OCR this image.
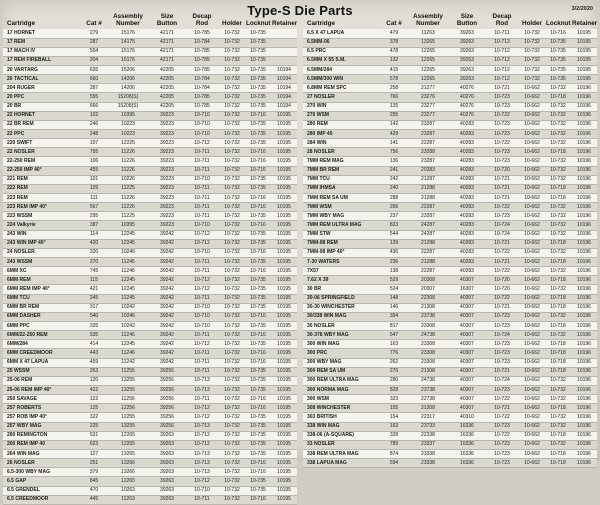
Type-S Die Parts	3/2/2020
Cartridge	Cat #	Assembly Number	Size Button	Decap Rod	Holder	Locknut	Retainer
17 HORNET	279	15176	42171	10-785	10-732	10-735	
17 REM	287	14175	42171	10-784	10-732	10-735	
17 MACH IV	504	15176	42171	10-785	10-732	10-735	
17 REM FIREBALL	204	15176	42171	10-785	10-732	10-735	
20 VARTARG	635	15206	42205	10-785	10-732	10-735	10194
20 TACTICAL	660	14206	42205	10-784	10-732	10-735	10194
204 RUGER	287	14206	42205	10-784	10-732	10-735	10194
20 PPC	555	15208(S)	42205	10-785	10-732	10-735	10194
20 BR	666	15208(S)	42205	10-785	10-732	10-735	10194
22 HORNET	102	10395	39223	10-710	10-732	10-716	10195
22 BR REM	246	10223	39223	10-710	10-732	10-735	10195
22 PPC	248	10223	39223	10-710	10-732	10-735	10195
220 SWIFT	107	12225	39223	10-712	10-732	10-735	10195
22 NOSLER	755	11226	39223	10-711	10-732	10-716	10195
22-250 REM	106	11226	39223	10-711	10-732	10-716	10195
22-250 IMP 40°	455	11226	39223	10-711	10-732	10-716	10195
221 REM	101	10226	39223	10-710	10-732	10-735	10195
222 REM	109	11225	39223	10-711	10-732	10-735	10195
223 REM	111	11226	39223	10-711	10-732	10-716	10195
223 REM IMP 40°	567	11226	39223	10-711	10-732	10-716	10195
223 WSSM	295	11225	39223	10-711	10-732	10-735	10195
224 Valkyrie	387	10395	39223	10-710	10-732	10-716	10195
243 WIN	114	12245	39242	10-712	10-732	10-735	10195
243 WIN IMP 40°	420	12245	39242	10-712	10-732	10-735	10195
24 NOSLER	320	10246	39242	10-710	10-732	10-716	10195
243 WSSM	270	11245	39242	10-711	10-732	10-735	10195
6MM XC	745	11246	39242	10-711	10-732	10-716	10195
6MM REM	115	12245	39242	10-712	10-732	10-735	10195
6MM REM IMP 40°	421	12245	39242	10-712	10-732	10-735	10195
6MM TCU	245	11245	39242	10-711	10-732	10-735	10195
6MM BR REM	317	10242	39242	10-710	10-732	10-735	10195
6MM DASHER	540	10246	39242	10-710	10-732	10-716	10195
6MM PPC	335	10242	39242	10-710	10-732	10-735	10195
6MM/22-250 REM	535	11246	39242	10-711	10-732	10-716	10195
6MM/284	414	12245	39242	10-712	10-732	10-735	10195
6MM CREEDMOOR	443	11246	39242	10-711	10-732	10-716	10195
6MM X 47 LAPUA	459	11242	39242	10-711	10-732	10-716	10195
25 WSSM	263	11255	39256	10-711	10-732	10-735	10195
25-06 REM	120	13255	39256	10-713	10-732	10-735	10195
25-06 REM IMP 40°	422	13255	39256	10-713	10-732	10-735	10195
250 SAVAGE	122	11256	39256	10-711	10-732	10-716	10195
257 ROBERTS	125	12256	39256	10-712	10-732	10-716	10195
257 ROB IMP 40°	322	12255	39256	10-712	10-732	10-735	10195
257 WBY MAG	225	13255	39256	10-713	10-732	10-735	10195
260 REMINGTON	531	12265	39263	10-712	10-732	10-735	10195
260 REM IMP 40	623	12265	39263	10-712	10-732	10-735	10195
264 WIN MAG	127	13265	39263	10-713	10-732	10-735	10195
26 NOSLER	251	13266	39263	10-713	10-732	10-716	10195
6.5-300 WBY MAG	379	13266	39263	10-713	10-732	10-716	10195
6.5 GAP	845	12265	39263	10-712	10-732	10-735	10195
6.5 GRENDEL	470	10263	39263	10-710	10-732	10-735	10195
6.5 CREEDMOOR	445	11263	39263	10-711	10-732	10-716	10195
Cartridge	Cat #	Assembly Number	Size Button	Decap Rod	Holder	Locknut	Retainer
6.5 X 47 LAPUA	479	11263	39263	10-711	10-732	10-716	10195
6.5MM-06	378	13265	39263	10-713	10-732	10-735	10195
6.5 PRC	478	12265	39263	10-712	10-732	10-735	10195
6.5MM X 55 S.M.	132	12265	39263	10-712	10-732	10-735	10195
6.5MM/284	415	12265	39263	10-712	10-732	10-735	10195
6.5MM/300 WIN	578	12265	39263	10-712	10-732	10-735	10195
6.8MM REM SPC	258	21277	40276	10-721	10-662	10-732	10196
27 NOSLER	766	23276	40276	10-723	10-662	10-718	10196
270 WIN	135	23277	40276	10-723	10-662	10-732	10196
270 WSM	255	23277	40276	10-722	10-662	10-732	10196
280 REM	142	23287	40283	10-723	10-662	10-732	10196
280 IMP 40	428	23287	40283	10-723	10-662	10-732	10196
284 WIN	141	22287	40283	10-722	10-662	10-732	10196
28 NOSLER	756	23288	40283	10-723	10-662	10-718	10196
7MM REM MAG	136	23287	40283	10-723	10-662	10-732	10196
7MM BR REM	241	20283	40283	10-720	10-662	10-732	10196
7MM TCU	242	21287	40283	10-721	10-662	10-732	10196
7MM IHMSA	240	21288	40283	10-721	10-662	10-718	10196
7MM REM SA UM	288	21288	40283	10-721	10-662	10-718	10196
7MM WSM	266	22287	40283	10-722	10-662	10-732	10196
7MM WBY MAG	237	23287	40283	10-723	10-662	10-732	10196
7MM REM ULTRA MAG	823	24287	40283	10-724	10-662	10-732	10196
7MM STW	544	24287	40283	10-724	10-662	10-732	10196
7MM-08 REM	139	21288	40283	10-721	10-662	10-718	10196
7MM-08 IMP 40°	436	22287	40283	10-722	10-662	10-732	10196
7-30 WATERS	236	21288	40283	10-721	10-662	10-718	10196
7X57	138	22287	40283	10-722	10-662	10-732	10196
7.62 X 39	529	20308	40307	10-720	10-662	10-718	10196
30 BR	524	20307	16307	10-720	10-662	10-732	10196
30-06 SPRINGFIELD	148	22308	40307	10-722	10-662	10-718	10196
30-30 WINCHESTER	146	21308	40307	10-721	10-662	10-718	10196
30/338 WIN MAG	394	23738	40307	10-723	10-662	10-732	10196
30 NOSLER	817	23308	40307	10-723	10-662	10-718	10196
30-378 WBY MAG	547	24738	40307	10-724	10-662	10-732	10196
300 WIN MAG	163	23308	40307	10-723	10-662	10-718	10196
300 PRC	776	23308	40307	10-723	10-662	10-718	10196
300 WBY MAG	262	23308	40307	10-723	10-662	10-718	10196
300 REM SA UM	276	21308	40307	10-721	10-662	10-718	10196
300 REM ULTRA MAG	280	24738	40307	10-724	10-662	10-732	10196
300 NORMA MAG	828	23738	40307	10-723	10-662	10-732	10196
300 WSM	323	22738	40307	10-722	10-662	10-732	10196
308 WINCHESTER	155	21308	40307	10-721	10-662	10-718	10196
303 BRITISH	154	22317	40310	10-722	10-662	10-732	10196
338 WIN MAG	163	23733	16336	10-723	10-662	10-732	10196
338-06 (A-SQUARE)	328	22338	16336	10-722	10-662	10-718	10196
33 NOSLER	789	23337	16336	10-723	10-662	10-732	10196
338 REM ULTRA MAG	874	23338	16336	10-723	10-662	10-718	10196
338 LAPUA MAG	594	23338	16336	10-723	10-662	10-718	10196
